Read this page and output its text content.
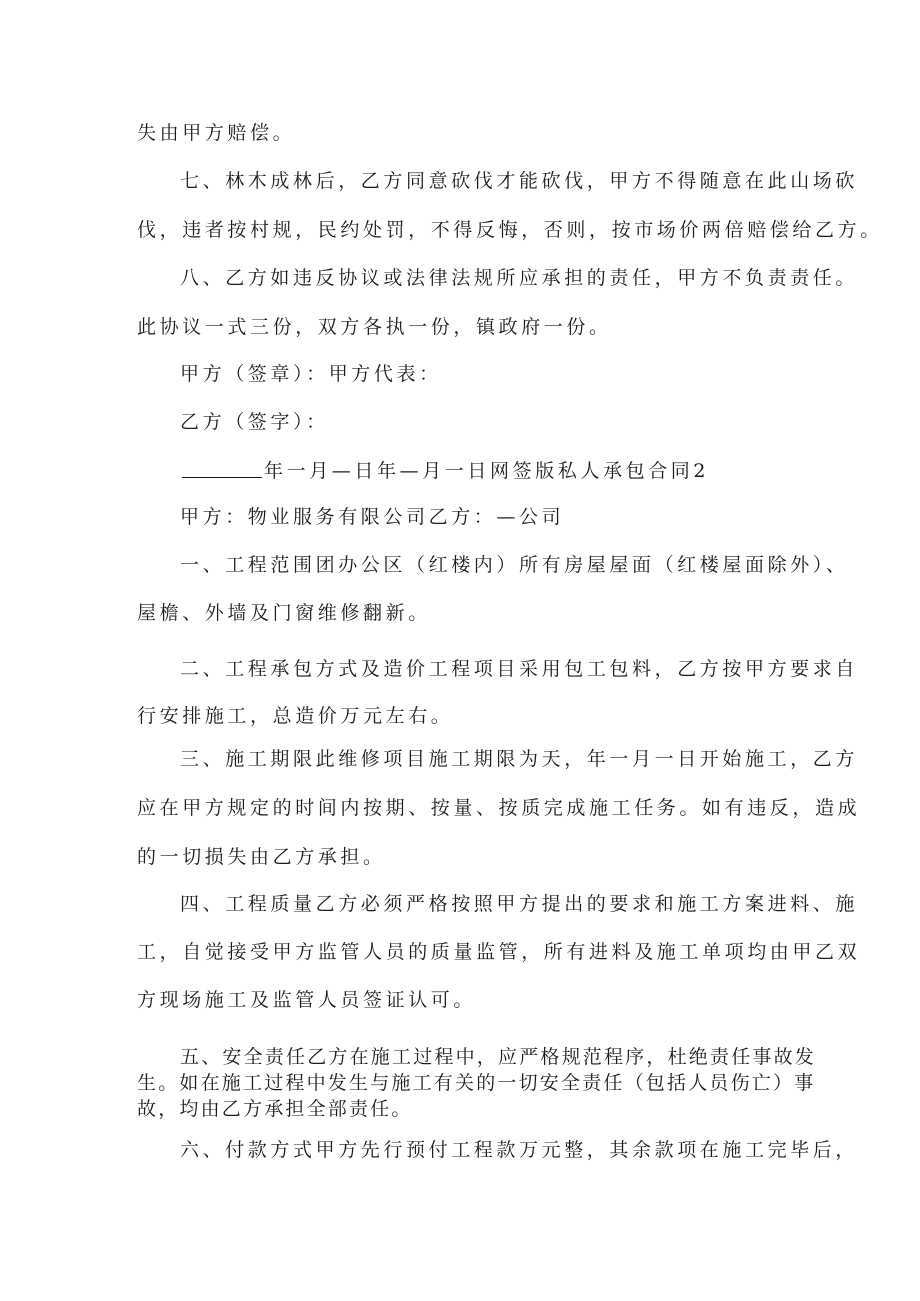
失由甲方赔偿。
七、林木成林后，乙方同意砍伐才能砍伐，甲方不得随意在此山场砍
伐，违者按村规，民约处罚，不得反悔，否则，按市场价两倍赔偿给乙方。
八、乙方如违反协议或法律法规所应承担的责任，甲方不负责责任。
此协议一式三份，双方各执一份，镇政府一份。
甲方（签章）：甲方代表：
乙方（签字）：
年一月—日年—月一日网签版私人承包合同2
甲方：物业服务有限公司乙方：—公司
一、工程范围团办公区（红楼内）所有房屋屋面（红楼屋面除外）、
屋檐、外墙及门窗维修翻新。
二、工程承包方式及造价工程项目采用包工包料，乙方按甲方要求自
行安排施工，总造价万元左右。
三、施工期限此维修项目施工期限为天，年一月一日开始施工，乙方
应在甲方规定的时间内按期、按量、按质完成施工任务。如有违反，造成
的一切损失由乙方承担。
四、工程质量乙方必须严格按照甲方提出的要求和施工方案进料、施
工，自觉接受甲方监管人员的质量监管，所有进料及施工单项均由甲乙双
方现场施工及监管人员签证认可。
五、安全责任乙方在施工过程中，应严格规范程序，杜绝责任事故发
生。如在施工过程中发生与施工有关的一切安全责任（包括人员伤亡）事
故，均由乙方承担全部责任。
六、付款方式甲方先行预付工程款万元整，其余款项在施工完毕后，
